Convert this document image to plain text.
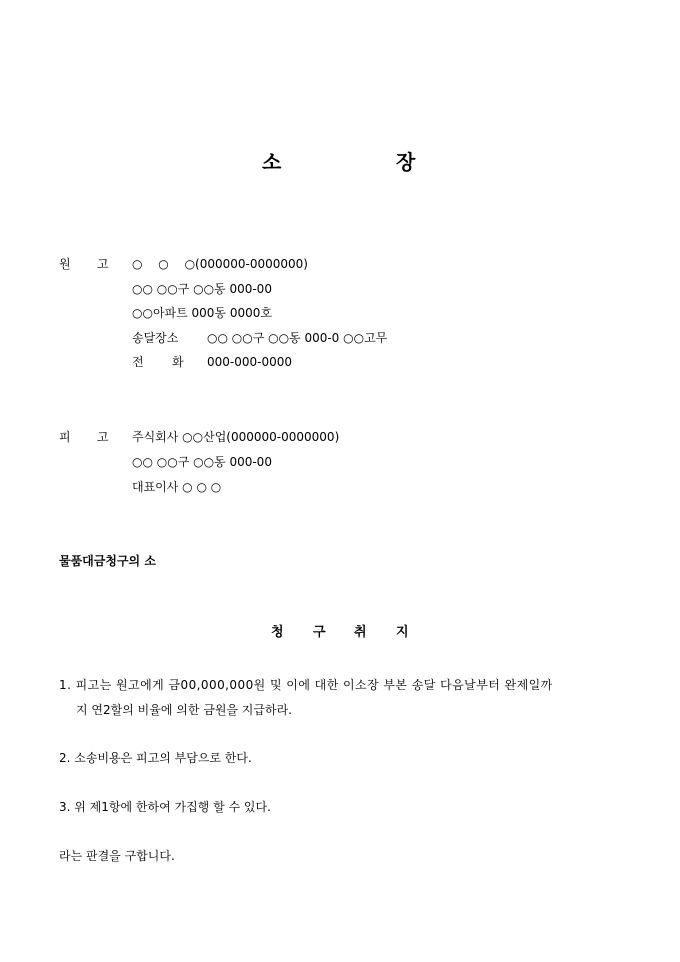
소	장
원 고 ○　 ○　 ○(000000-0000000)
○○ ○○구 ○○동 000-00
○○아파트 000동 0000호
송달장소 ○○ ○○구 ○○동 000-0 ○○고무
전 화 000-000-0000
피 고 주식회사 ○○산업(000000-0000000)
○○ ○○구 ○○동 000-00
대표이사 ○ ○ ○
물품대금청구의 소
청 구 취 지
1. 피고는 원고에게 금00,000,000원 및 이에 대한 이소장 부본 송달 다음날부터 완제일까
지 연2할의 비율에 의한 금원을 지급하라.
2. 소송비용은 피고의 부담으로 한다.
3. 위 제1항에 한하여 가집행 할 수 있다.
라는 판결을 구합니다.
